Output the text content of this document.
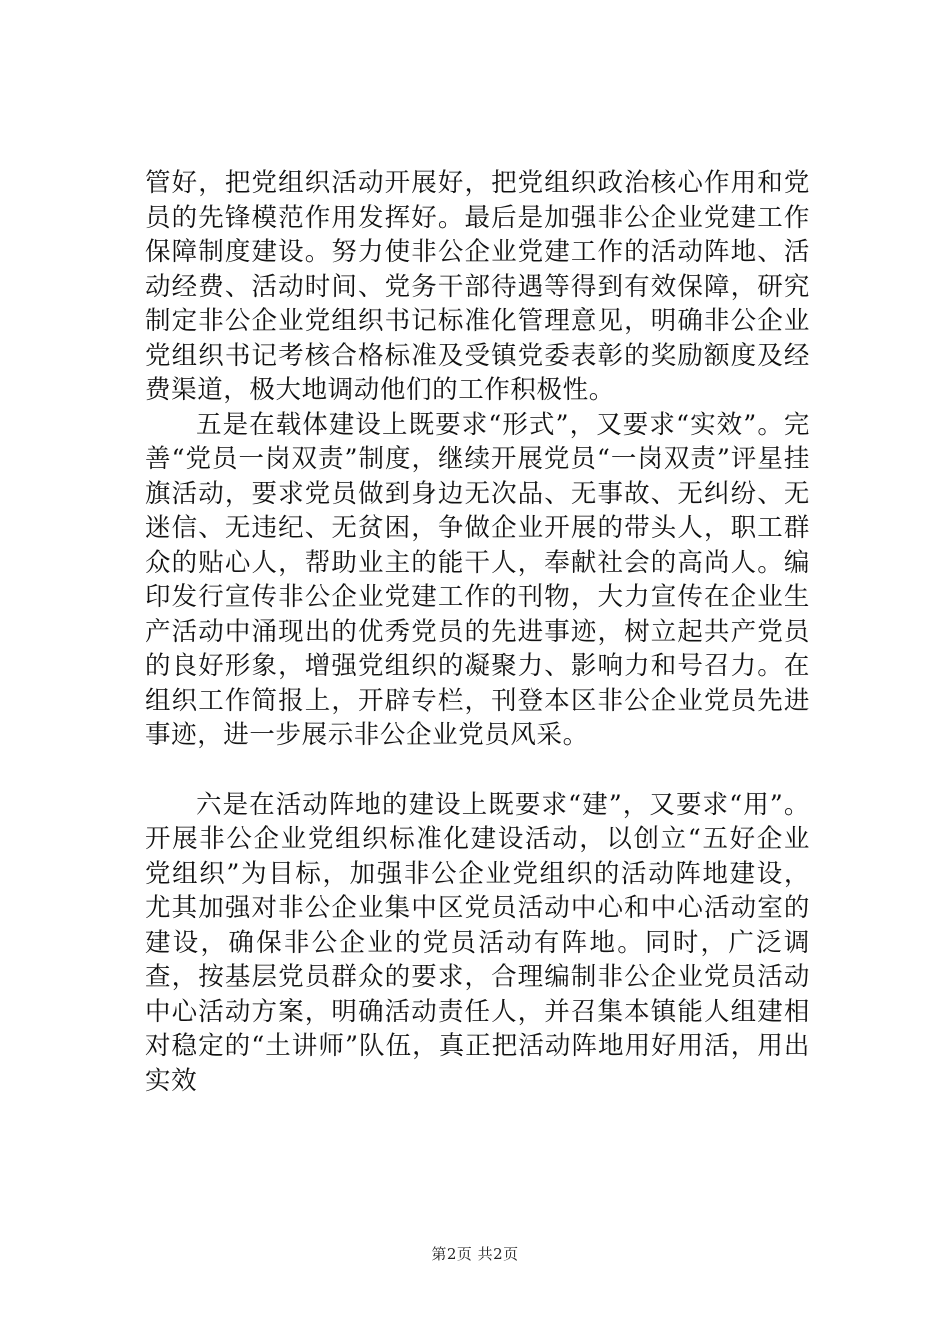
管好，把党组织活动开展好，把党组织政治核心作用和党员的先锋模范作用发挥好。最后是加强非公企业党建工作保障制度建设。努力使非公企业党建工作的活动阵地、活动经费、活动时间、党务干部待遇等得到有效保障，研究制定非公企业党组织书记标准化管理意见，明确非公企业党组织书记考核合格标准及受镇党委表彰的奖励额度及经费渠道，极大地调动他们的工作积极性。

五是在载体建设上既要求“形式”，又要求“实效”。完善“党员一岗双责”制度，继续开展党员“一岗双责”评星挂旗活动，要求党员做到身边无次品、无事故、无纠纷、无迷信、无违纪、无贫困，争做企业开展的带头人，职工群众的贴心人，帮助业主的能干人，奉献社会的高尚人。编印发行宣传非公企业党建工作的刊物，大力宣传在企业生产活动中涌现出的优秀党员的先进事迹，树立起共产党员的良好形象，增强党组织的凝聚力、影响力和号召力。在组织工作简报上，开辟专栏，刊登本区非公企业党员先进事迹，进一步展示非公企业党员风采。

六是在活动阵地的建设上既要求“建”，又要求“用”。开展非公企业党组织标准化建设活动，以创立“五好企业党组织”为目标，加强非公企业党组织的活动阵地建设，尤其加强对非公企业集中区党员活动中心和中心活动室的建设，确保非公企业的党员活动有阵地。同时，广泛调查，按基层党员群众的要求，合理编制非公企业党员活动中心活动方案，明确活动责任人，并召集本镇能人组建相对稳定的“土讲师”队伍，真正把活动阵地用好用活，用出实效

第2页 共2页
